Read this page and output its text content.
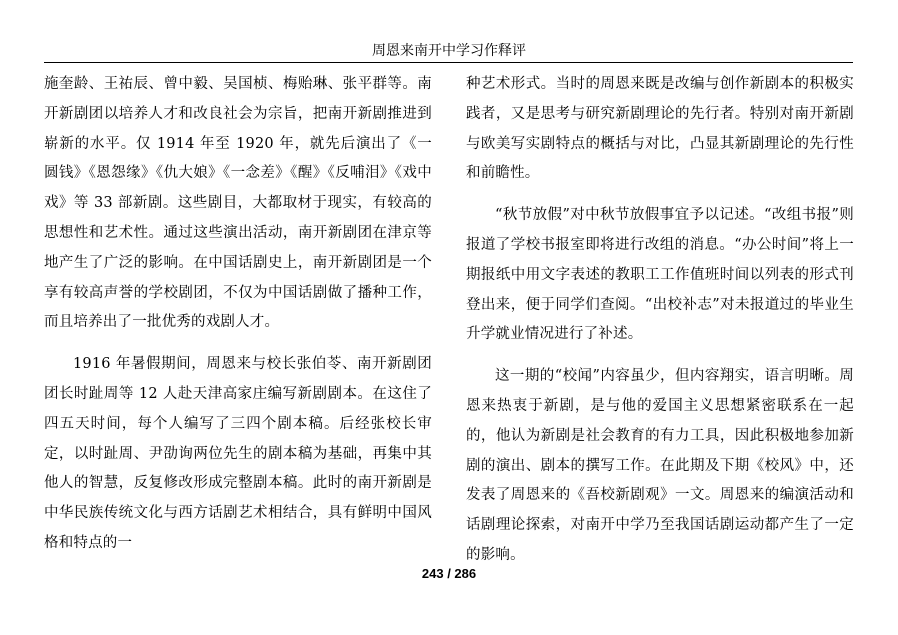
周恩来南开中学习作释评

施奎龄、王祐辰、曾中毅、吴国桢、梅贻琳、张平群等。南开新剧团以培养人才和改良社会为宗旨，把南开新剧推进到崭新的水平。仅 1914 年至 1920 年，就先后演出了《一圆钱》《恩怨缘》《仇大娘》《一念差》《醒》《反哺泪》《戏中戏》等 33 部新剧。这些剧目，大都取材于现实，有较高的思想性和艺术性。通过这些演出活动，南开新剧团在津京等地产生了广泛的影响。在中国话剧史上，南开新剧团是一个享有较高声誉的学校剧团，不仅为中国话剧做了播种工作，而且培养出了一批优秀的戏剧人才。

1916 年暑假期间，周恩来与校长张伯苓、南开新剧团团长时趾周等 12 人赴天津高家庄编写新剧剧本。在这住了四五天时间，每个人编写了三四个剧本稿。后经张校长审定，以时趾周、尹劭询两位先生的剧本稿为基础，再集中其他人的智慧，反复修改形成完整剧本稿。此时的南开新剧是中华民族传统文化与西方话剧艺术相结合，具有鲜明中国风格和特点的一

种艺术形式。当时的周恩来既是改编与创作新剧本的积极实践者，又是思考与研究新剧理论的先行者。特别对南开新剧与欧美写实剧特点的概括与对比，凸显其新剧理论的先行性和前瞻性。

“秋节放假”对中秋节放假事宜予以记述。“改组书报”则报道了学校书报室即将进行改组的消息。“办公时间”将上一期报纸中用文字表述的教职工工作值班时间以列表的形式刊登出来，便于同学们查阅。“出校补志”对未报道过的毕业生升学就业情况进行了补述。

这一期的“校闻”内容虽少，但内容翔实，语言明晰。周恩来热衷于新剧，是与他的爱国主义思想紧密联系在一起的，他认为新剧是社会教育的有力工具，因此积极地参加新剧的演出、剧本的撰写工作。在此期及下期《校风》中，还发表了周恩来的《吾校新剧观》一文。周恩来的编演活动和话剧理论探索，对南开中学乃至我国话剧运动都产生了一定的影响。

243 / 286
